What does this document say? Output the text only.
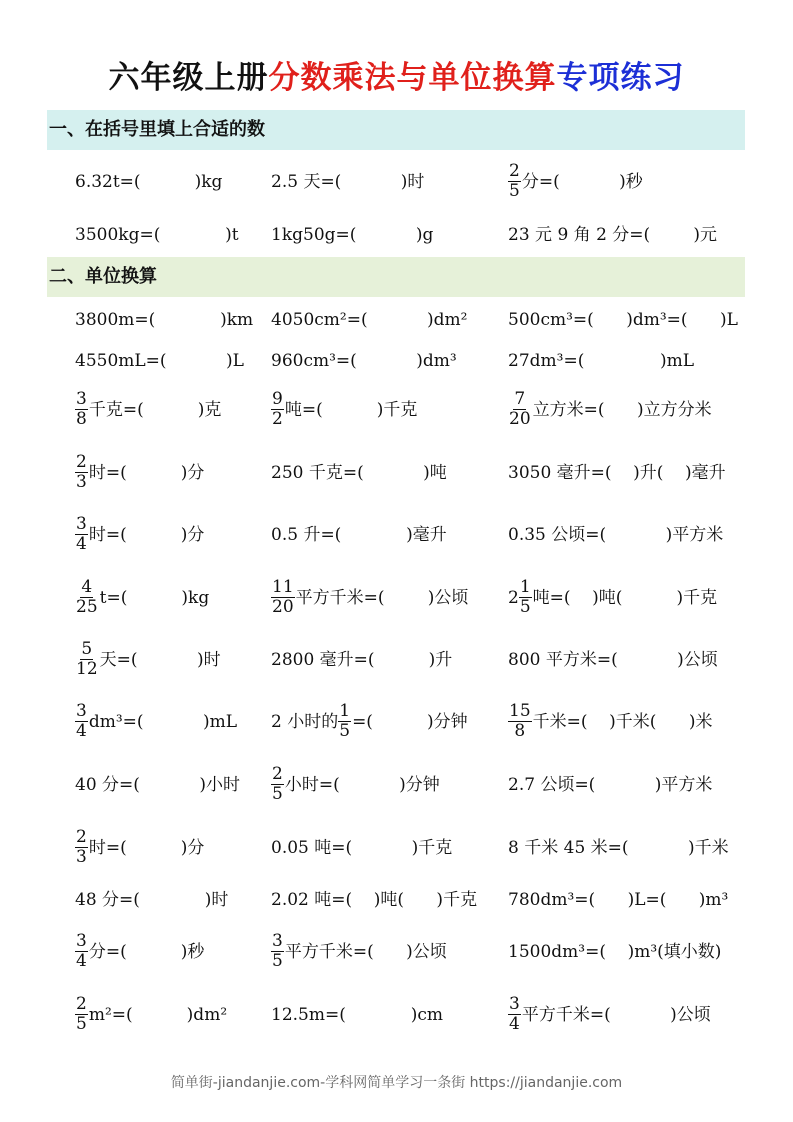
六年级上册分数乘法与单位换算专项练习
一、在括号里填上合适的数
二、单位换算
6.32t=(          )kg	2.5 天=(           )时	$\frac{2}{5}$ 分=(           )秒
3500kg=(            )t 1kg50g=(           )g	23 元 9 角 2 分=(        )元
3800m=(            )km 4050cm²=(           )dm² 500cm³=(      )dm³=(      )L
4550mL=(           )L 960cm³=(           )dm³	27dm³=(              )mL
$\frac{3}{8}$ 千克=(          )克	$\frac{9}{2}$ 吨=(          )千克	$\frac{7}{20}$ 立方米=(      )立方分米
$\frac{2}{3}$ 时=(          )分	250 千克=(           )吨	3050 毫升=(    )升(    )毫升
$\frac{3}{4}$ 时=(          )分	0.5 升=(            )毫升	0.35 公顷=(           )平方米
$\frac{4}{25} t=$(          )kg	$\frac{11}{20}$ 平方千米=(        )公顷 $2 \frac{1}{5}$ 吨=(    )吨(          )千克
$\frac{5}{12}$ 天=(           )时	2800 毫升=(          )升	800 平方米=(           )公顷
$\frac{3}{4} dm^3=$(           )mL 2 小时的 $\frac{1}{5}$ =(          )分钟 $\frac{15}{8}$ 千米=(    )千米(      )米
40 分=(           )小时 $\frac{2}{5}$ 小时=(           )分钟	2.7 公顷=(           )平方米
$\frac{2}{3}$ 时=(          )分	0.05 吨=(           )千克	8 千米 45 米=(           )千米
48 分=(            )时	2.02 吨=(    )吨(      )千克 780dm³=(      )L=(      )m³
$\frac{3}{4}$ 分=(          )秒	$\frac{3}{5}$ 平方千米=(      )公顷	1500dm³=(    )m³(填小数)
$\frac{2}{5} m^2=$(          )dm²	12.5m=(            )cm	$\frac{3}{4}$ 平方千米=(           )公顷
简单街-jiandanjie.com-学科网简单学习一条街 https://jiandanjie.com
